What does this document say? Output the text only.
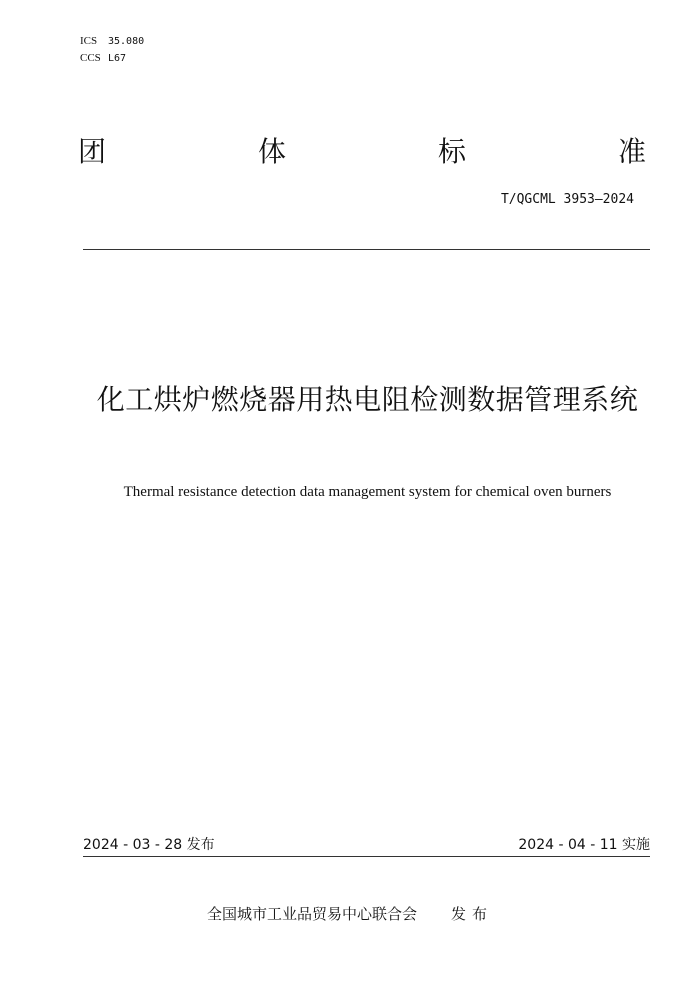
ICS	35.080
CCS L67
团	体	标	准
T/QGCML 3953—2024
化工烘炉燃烧器用热电阻检测数据管理系统
Thermal resistance detection data management system for chemical oven burners
2024 - 03 - 28 发布	2024 - 04 - 11 实施
全国城市工业品贸易中心联合会 发布
